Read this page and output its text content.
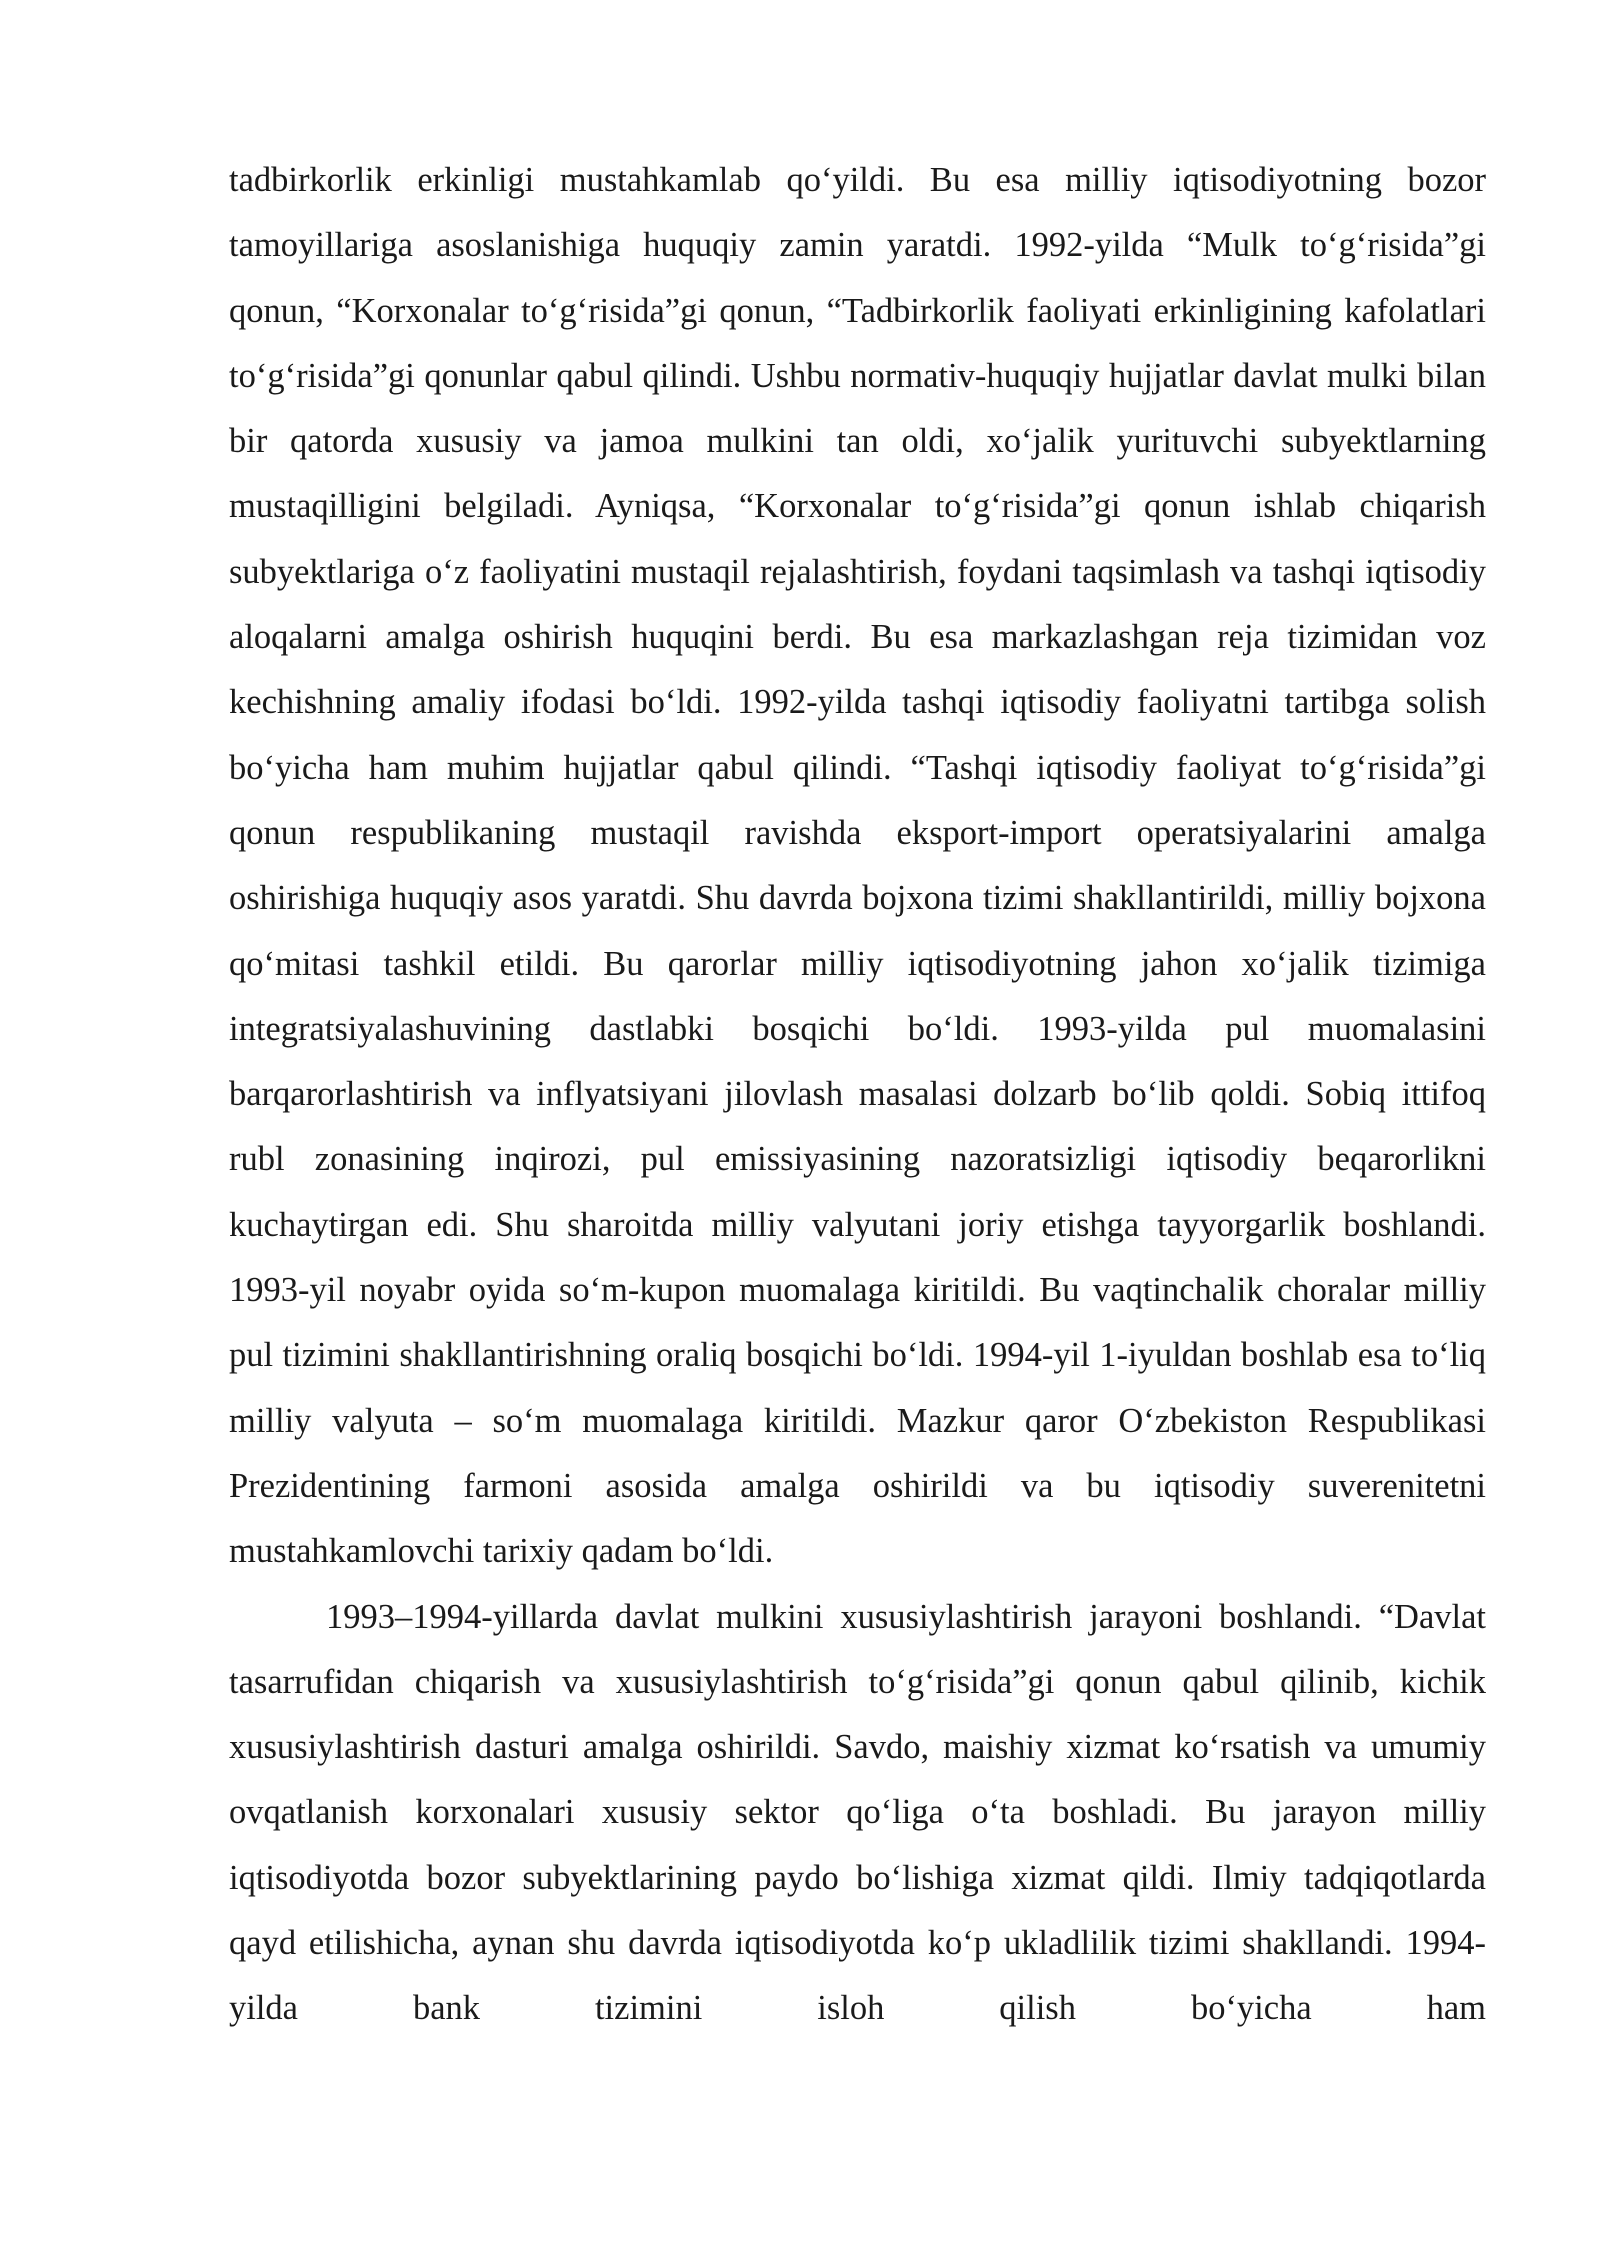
tadbirkorlik erkinligi mustahkamlab qo‘yildi. Bu esa milliy iqtisodiyotning bozor tamoyillariga asoslanishiga huquqiy zamin yaratdi. 1992-yilda “Mulk to‘g‘risida”gi qonun, “Korxonalar to‘g‘risida”gi qonun, “Tadbirkorlik faoliyati erkinligining kafolatlari to‘g‘risida”gi qonunlar qabul qilindi. Ushbu normativ-huquqiy hujjatlar davlat mulki bilan bir qatorda xususiy va jamoa mulkini tan oldi, xo‘jalik yurituvchi subyektlarning mustaqilligini belgiladi. Ayniqsa, “Korxonalar to‘g‘risida”gi qonun ishlab chiqarish subyektlariga o‘z faoliyatini mustaqil rejalashtirish, foydani taqsimlash va tashqi iqtisodiy aloqalarni amalga oshirish huquqini berdi. Bu esa markazlashgan reja tizimidan voz kechishning amaliy ifodasi bo‘ldi. 1992-yilda tashqi iqtisodiy faoliyatni tartibga solish bo‘yicha ham muhim hujjatlar qabul qilindi. “Tashqi iqtisodiy faoliyat to‘g‘risida”gi qonun respublikaning mustaqil ravishda eksport-import operatsiyalarini amalga oshirishiga huquqiy asos yaratdi. Shu davrda bojxona tizimi shakllantirildi, milliy bojxona qo‘mitasi tashkil etildi. Bu qarorlar milliy iqtisodiyotning jahon xo‘jalik tizimiga integratsiyalashuvining dastlabki bosqichi bo‘ldi. 1993-yilda pul muomalasini barqarorlashtirish va inflyatsiyani jilovlash masalasi dolzarb bo‘lib qoldi. Sobiq ittifoq rubl zonasining inqirozi, pul emissiyasining nazoratsizligi iqtisodiy beqarorlikni kuchaytirgan edi. Shu sharoitda milliy valyutani joriy etishga tayyorgarlik boshlandi. 1993-yil noyabr oyida so‘m-kupon muomalaga kiritildi. Bu vaqtinchalik choralar milliy pul tizimini shakllantirishning oraliq bosqichi bo‘ldi. 1994-yil 1-iyuldan boshlab esa to‘liq milliy valyuta – so‘m muomalaga kiritildi. Mazkur qaror O‘zbekiston Respublikasi Prezidentining farmoni asosida amalga oshirildi va bu iqtisodiy suverenitetni mustahkamlovchi tarixiy qadam bo‘ldi.

1993–1994-yillarda davlat mulkini xususiylashtirish jarayoni boshlandi. “Davlat tasarrufidan chiqarish va xususiylashtirish to‘g‘risida”gi qonun qabul qilinib, kichik xususiylashtirish dasturi amalga oshirildi. Savdo, maishiy xizmat ko‘rsatish va umumiy ovqatlanish korxonalari xususiy sektor qo‘liga o‘ta boshladi. Bu jarayon milliy iqtisodiyotda bozor subyektlarining paydo bo‘lishiga xizmat qildi. Ilmiy tadqiqotlarda qayd etilishicha, aynan shu davrda iqtisodiyotda ko‘p ukladlilik tizimi shakllandi. 1994-yilda bank tizimini isloh qilish bo‘yicha ham
